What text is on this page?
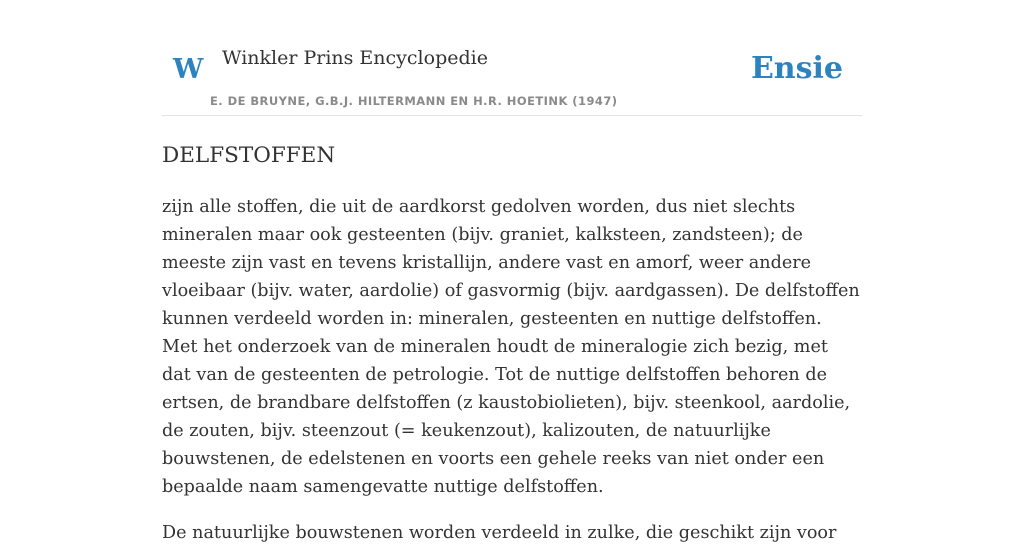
W Winkler Prins Encyclopedie
E. DE BRUYNE, G.B.J. HILTERMANN EN H.R. HOETINK (1947)
Ensie
DELFSTOFFEN

zijn alle stoffen, die uit de aardkorst gedolven worden, dus niet slechts mineralen maar ook gesteenten (bijv. graniet, kalksteen, zandsteen); de meeste zijn vast en tevens kristallijn, andere vast en amorf, weer andere vloeibaar (bijv. water, aardolie) of gasvormig (bijv. aardgassen). De delfstoffen kunnen verdeeld worden in: mineralen, gesteenten en nuttige delfstoffen. Met het onderzoek van de mineralen houdt de mineralogie zich bezig, met dat van de gesteenten de petrologie. Tot de nuttige delfstoffen behoren de ertsen, de brandbare delfstoffen (z kaustobiolieten), bijv. steenkool, aardolie, de zouten, bijv. steenzout (= keukenzout), kalizouten, de natuurlijke bouwstenen, de edelstenen en voorts een gehele reeks van niet onder een bepaalde naam samengevatte nuttige delfstoffen.

De natuurlijke bouwstenen worden verdeeld in zulke, die geschikt zijn voor
